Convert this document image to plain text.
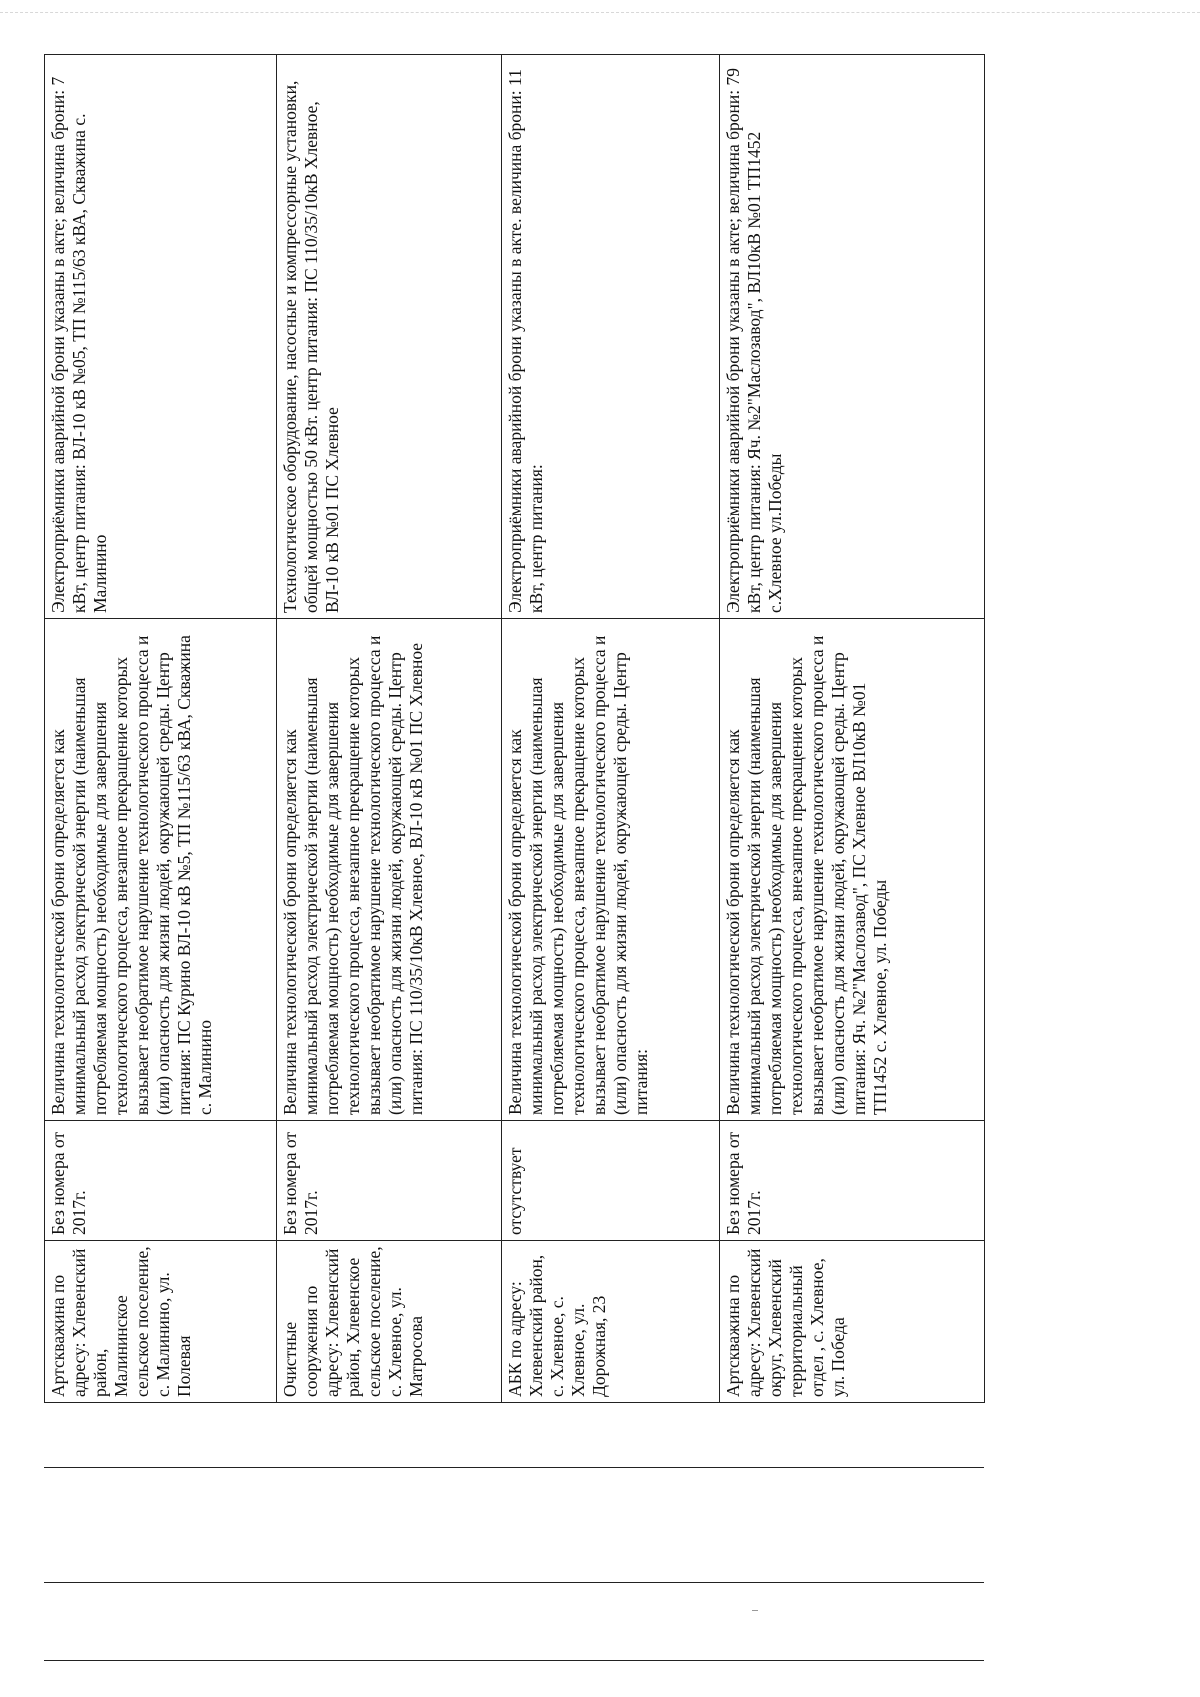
Артскважина по адресу: Хлевенский район, Малининское сельское поселение, с. Малинино, ул. Полевая	Без номера от 2017г.	Величина технологической брони определяется как минимальный расход электрической энергии (наименьшая потребляемая мощность) необходимые для завершения технологического процесса, внезапное прекращение которых вызывает необратимое нарушение технологического процесса и (или) опасность для жизни людей, окружающей среды. Центр питания: ПС Курино ВЛ-10 кВ №5, ТП №115/63 кВА, Скважина с. Малинино	Электроприёмники аварийной брони указаны в акте; величина брони: 7 кВт, центр питания: ВЛ-10 кВ №05, ТП №115/63 кВА, Скважина с. Малинино

Очистные сооружения по адресу: Хлевенский район, Хлевенское сельское поселение, с. Хлевное, ул. Матросова	Без номера от 2017г.	Величина технологической брони определяется как минимальный расход электрической энергии (наименьшая потребляемая мощность) необходимые для завершения технологического процесса, внезапное прекращение которых вызывает необратимое нарушение технологического процесса и (или) опасность для жизни людей, окружающей среды. Центр питания: ПС 110/35/10кВ Хлевное, ВЛ-10 кВ №01 ПС Хлевное	Технологическое оборудование, насосные и компрессорные установки, общей мощностью 50 кВт. центр питания: ПС 110/35/10кВ Хлевное, ВЛ-10 кВ №01 ПС Хлевное

АБК по адресу: Хлевенский район, с. Хлевное, с. Хлевное, ул. Дорожная, 23	отсутствует	Величина технологической брони определяется как минимальный расход электрической энергии (наименьшая потребляемая мощность) необходимые для завершения технологического процесса, внезапное прекращение которых вызывает необратимое нарушение технологического процесса и (или) опасность для жизни людей, окружающей среды. Центр питания:	Электроприёмники аварийной брони указаны в акте. величина брони: 11 кВт, центр питания:

Артскважина по адресу: Хлевенский округ, Хлевенский территориальный отдел , с. Хлевное, ул. Победа	Без номера от 2017г.	Величина технологической брони определяется как минимальный расход электрической энергии (наименьшая потребляемая мощность) необходимые для завершения технологического процесса, внезапное прекращение которых вызывает необратимое нарушение технологического процесса и (или) опасность для жизни людей, окружающей среды. Центр питания: Яч. №2"Маслозавод", ПС Хлевное ВЛ10кВ №01 ТП1452 с. Хлевное, ул. Победы	Электроприёмники аварийной брони указаны в акте; величина брони: 79 кВт, центр питания: Яч. №2"Маслозавод", ВЛ10кВ №01 ТП1452 с.Хлевное ул.Победы
